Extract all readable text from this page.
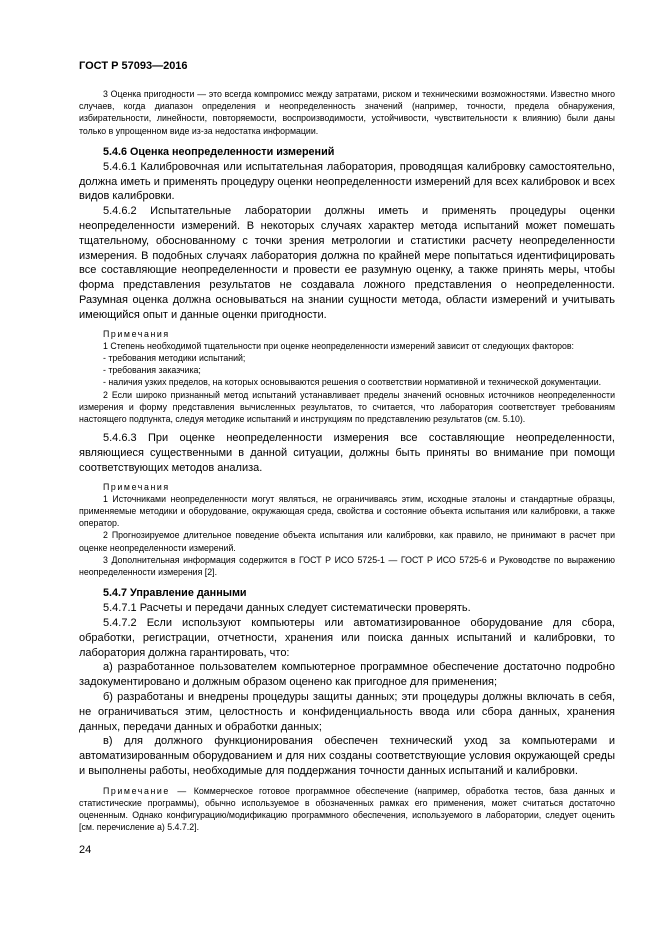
ГОСТ Р 57093—2016

3 Оценка пригодности — это всегда компромисс между затратами, риском и техническими возможностями. Известно много случаев, когда диапазон определения и неопределенность значений (например, точности, предела обнаружения, избирательности, линейности, повторяемости, воспроизводимости, устойчивости, чувствительности к влиянию) были даны только в упрощенном виде из-за недостатка информации.

5.4.6 Оценка неопределенности измерений

5.4.6.1 Калибровочная или испытательная лаборатория, проводящая калибровку самостоятельно, должна иметь и применять процедуру оценки неопределенности измерений для всех калибровок и всех видов калибровки.

5.4.6.2 Испытательные лаборатории должны иметь и применять процедуры оценки неопределенности измерений. В некоторых случаях характер метода испытаний может помешать тщательному, обоснованному с точки зрения метрологии и статистики расчету неопределенности измерения. В подобных случаях лаборатория должна по крайней мере попытаться идентифицировать все составляющие неопределенности и провести ее разумную оценку, а также принять меры, чтобы форма представления результатов не создавала ложного представления о неопределенности. Разумная оценка должна основываться на знании сущности метода, области измерений и учитывать имеющийся опыт и данные оценки пригодности.

Примечания

1 Степень необходимой тщательности при оценке неопределенности измерений зависит от следующих факторов:

- требования методики испытаний;

- требования заказчика;

- наличия узких пределов, на которых основываются решения о соответствии нормативной и технической документации.

2 Если широко признанный метод испытаний устанавливает пределы значений основных источников неопределенности измерения и форму представления вычисленных результатов, то считается, что лаборатория соответствует требованиям настоящего подпункта, следуя методике испытаний и инструкциям по представлению результатов (см. 5.10).

5.4.6.3 При оценке неопределенности измерения все составляющие неопределенности, являющиеся существенными в данной ситуации, должны быть приняты во внимание при помощи соответствующих методов анализа.

Примечания

1 Источниками неопределенности могут являться, не ограничиваясь этим, исходные эталоны и стандартные образцы, применяемые методики и оборудование, окружающая среда, свойства и состояние объекта испытания или калибровки, а также оператор.

2 Прогнозируемое длительное поведение объекта испытания или калибровки, как правило, не принимают в расчет при оценке неопределенности измерений.

3 Дополнительная информация содержится в ГОСТ Р ИСО 5725-1 — ГОСТ Р ИСО 5725-6 и Руководстве по выражению неопределенности измерения [2].

5.4.7 Управление данными

5.4.7.1 Расчеты и передачи данных следует систематически проверять.

5.4.7.2 Если используют компьютеры или автоматизированное оборудование для сбора, обработки, регистрации, отчетности, хранения или поиска данных испытаний и калибровки, то лаборатория должна гарантировать, что:

а) разработанное пользователем компьютерное программное обеспечение достаточно подробно задокументировано и должным образом оценено как пригодное для применения;

б) разработаны и внедрены процедуры защиты данных; эти процедуры должны включать в себя, не ограничиваться этим, целостность и конфиденциальность ввода или сбора данных, хранения данных, передачи данных и обработки данных;

в) для должного функционирования обеспечен технический уход за компьютерами и автоматизированным оборудованием и для них созданы соответствующие условия окружающей среды и выполнены работы, необходимые для поддержания точности данных испытаний и калибровки.

Примечание — Коммерческое готовое программное обеспечение (например, обработка тестов, база данных и статистические программы), обычно используемое в обозначенных рамках его применения, может считаться достаточно оцененным. Однако конфигурацию/модификацию программного обеспечения, используемого в лаборатории, следует оценить [см. перечисление а) 5.4.7.2].

24
